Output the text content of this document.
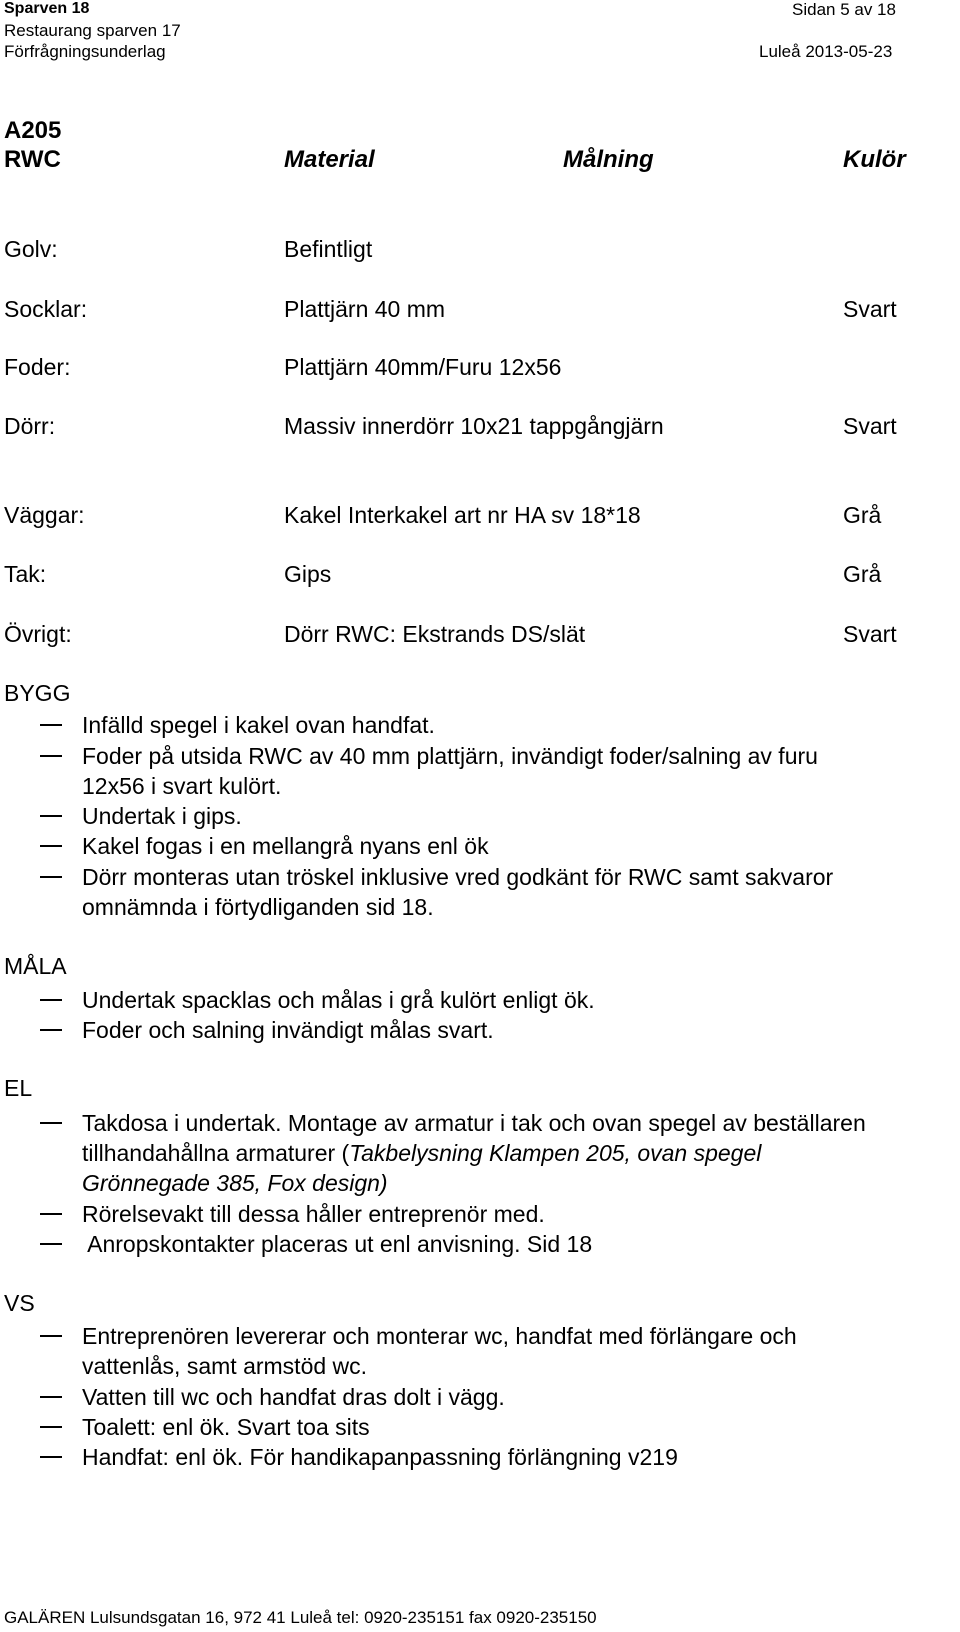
Sparven 18	Sidan 5 av 18
Restaurang sparven 17
Förfrågningsunderlag	Luleå 2013-05-23
A205
RWC	Material	Målning	Kulör
Golv:	Befintligt
Socklar:	Plattjärn 40 mm	Svart
Foder:	Plattjärn 40mm/Furu 12x56
Dörr:	Massiv innerdörr 10x21 tappgångjärn	Svart
Väggar:	Kakel Interkakel art nr HA sv 18*18	Grå
Tak:	Gips	Grå
Övrigt:	Dörr RWC: Ekstrands DS/slät	Svart
BYGG
Infälld spegel i kakel ovan handfat.
Foder på utsida RWC av 40 mm plattjärn, invändigt foder/salning av furu
12x56 i svart kulört.
Undertak i gips.
Kakel fogas i en mellangrå nyans enl ök
Dörr monteras utan tröskel inklusive vred godkänt för RWC samt sakvaror
omnämnda i förtydliganden sid 18.
MÅLA
Undertak spacklas och målas i grå kulört enligt ök.
Foder och salning invändigt målas svart.
EL
Takdosa i undertak. Montage av armatur i tak och ovan spegel av beställaren
tillhandahållna armaturer (Takbelysning Klampen 205, ovan spegel
Grönnegade 385, Fox design)
Rörelsevakt till dessa håller entreprenör med.
Anropskontakter placeras ut enl anvisning. Sid 18
VS
Entreprenören levererar och monterar wc, handfat med förlängare och
vattenlås, samt armstöd wc.
Vatten till wc och handfat dras dolt i vägg.
Toalett: enl ök. Svart toa sits
Handfat: enl ök. För handikapanpassning förlängning v219
GALÄREN Lulsundsgatan 16, 972 41 Luleå tel: 0920-235151 fax 0920-235150
